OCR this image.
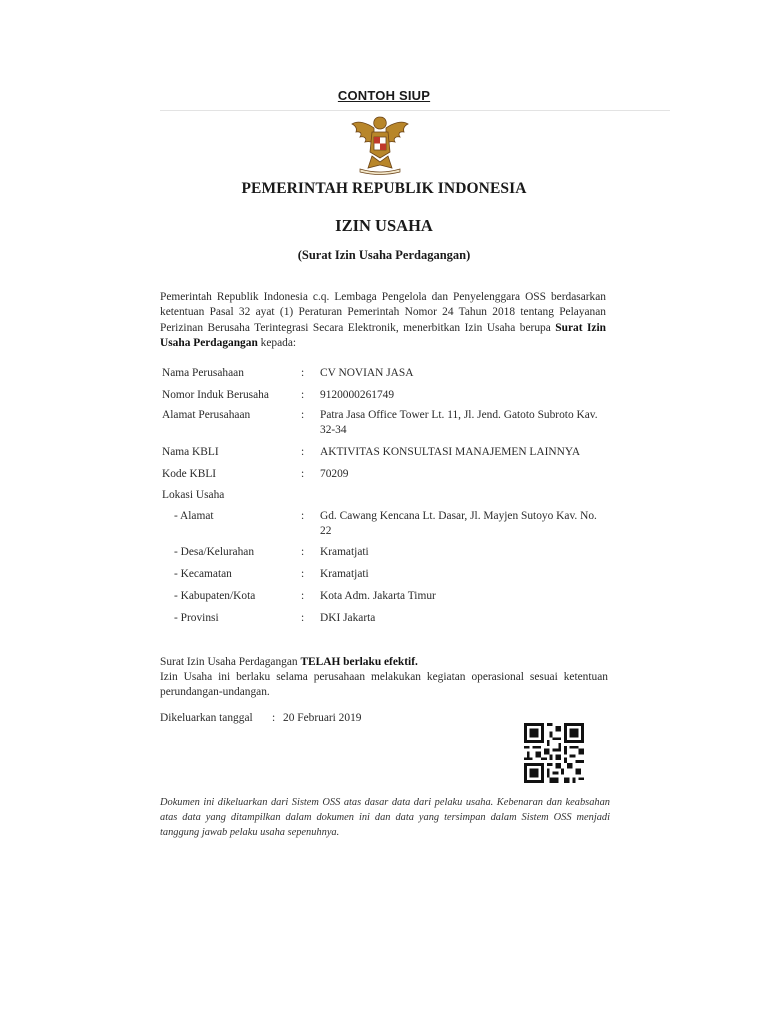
CONTOH SIUP
PEMERINTAH REPUBLIK INDONESIA
IZIN USAHA
(Surat Izin Usaha Perdagangan)
Pemerintah Republik Indonesia c.q. Lembaga Pengelola dan Penyelenggara OSS berdasarkan ketentuan Pasal 32 ayat (1) Peraturan Pemerintah Nomor 24 Tahun 2018 tentang Pelayanan Perizinan Berusaha Terintegrasi Secara Elektronik, menerbitkan Izin Usaha berupa Surat Izin Usaha Perdagangan kepada:
Nama Perusahaan	: CV NOVIAN JASA
Nomor Induk Berusaha	: 9120000261749
Alamat Perusahaan	: Patra Jasa Office Tower Lt. 11, Jl. Jend. Gatoto Subroto Kav. 32-34
Nama KBLI	: AKTIVITAS KONSULTASI MANAJEMEN LAINNYA
Kode KBLI	: 70209
Lokasi Usaha
- Alamat	: Gd. Cawang Kencana Lt. Dasar, Jl. Mayjen Sutoyo Kav. No. 22
- Desa/Kelurahan	: Kramatjati
- Kecamatan	: Kramatjati
- Kabupaten/Kota	: Kota Adm. Jakarta Timur
- Provinsi	: DKI Jakarta
Surat Izin Usaha Perdagangan TELAH berlaku efektif.
Izin Usaha ini berlaku selama perusahaan melakukan kegiatan operasional sesuai ketentuan perundangan-undangan.
Dikeluarkan tanggal : 20 Februari 2019
Dokumen ini dikeluarkan dari Sistem OSS atas dasar data dari pelaku usaha. Kebenaran dan keabsahan atas data yang ditampilkan dalam dokumen ini dan data yang tersimpan dalam Sistem OSS menjadi tanggung jawab pelaku usaha sepenuhnya.
